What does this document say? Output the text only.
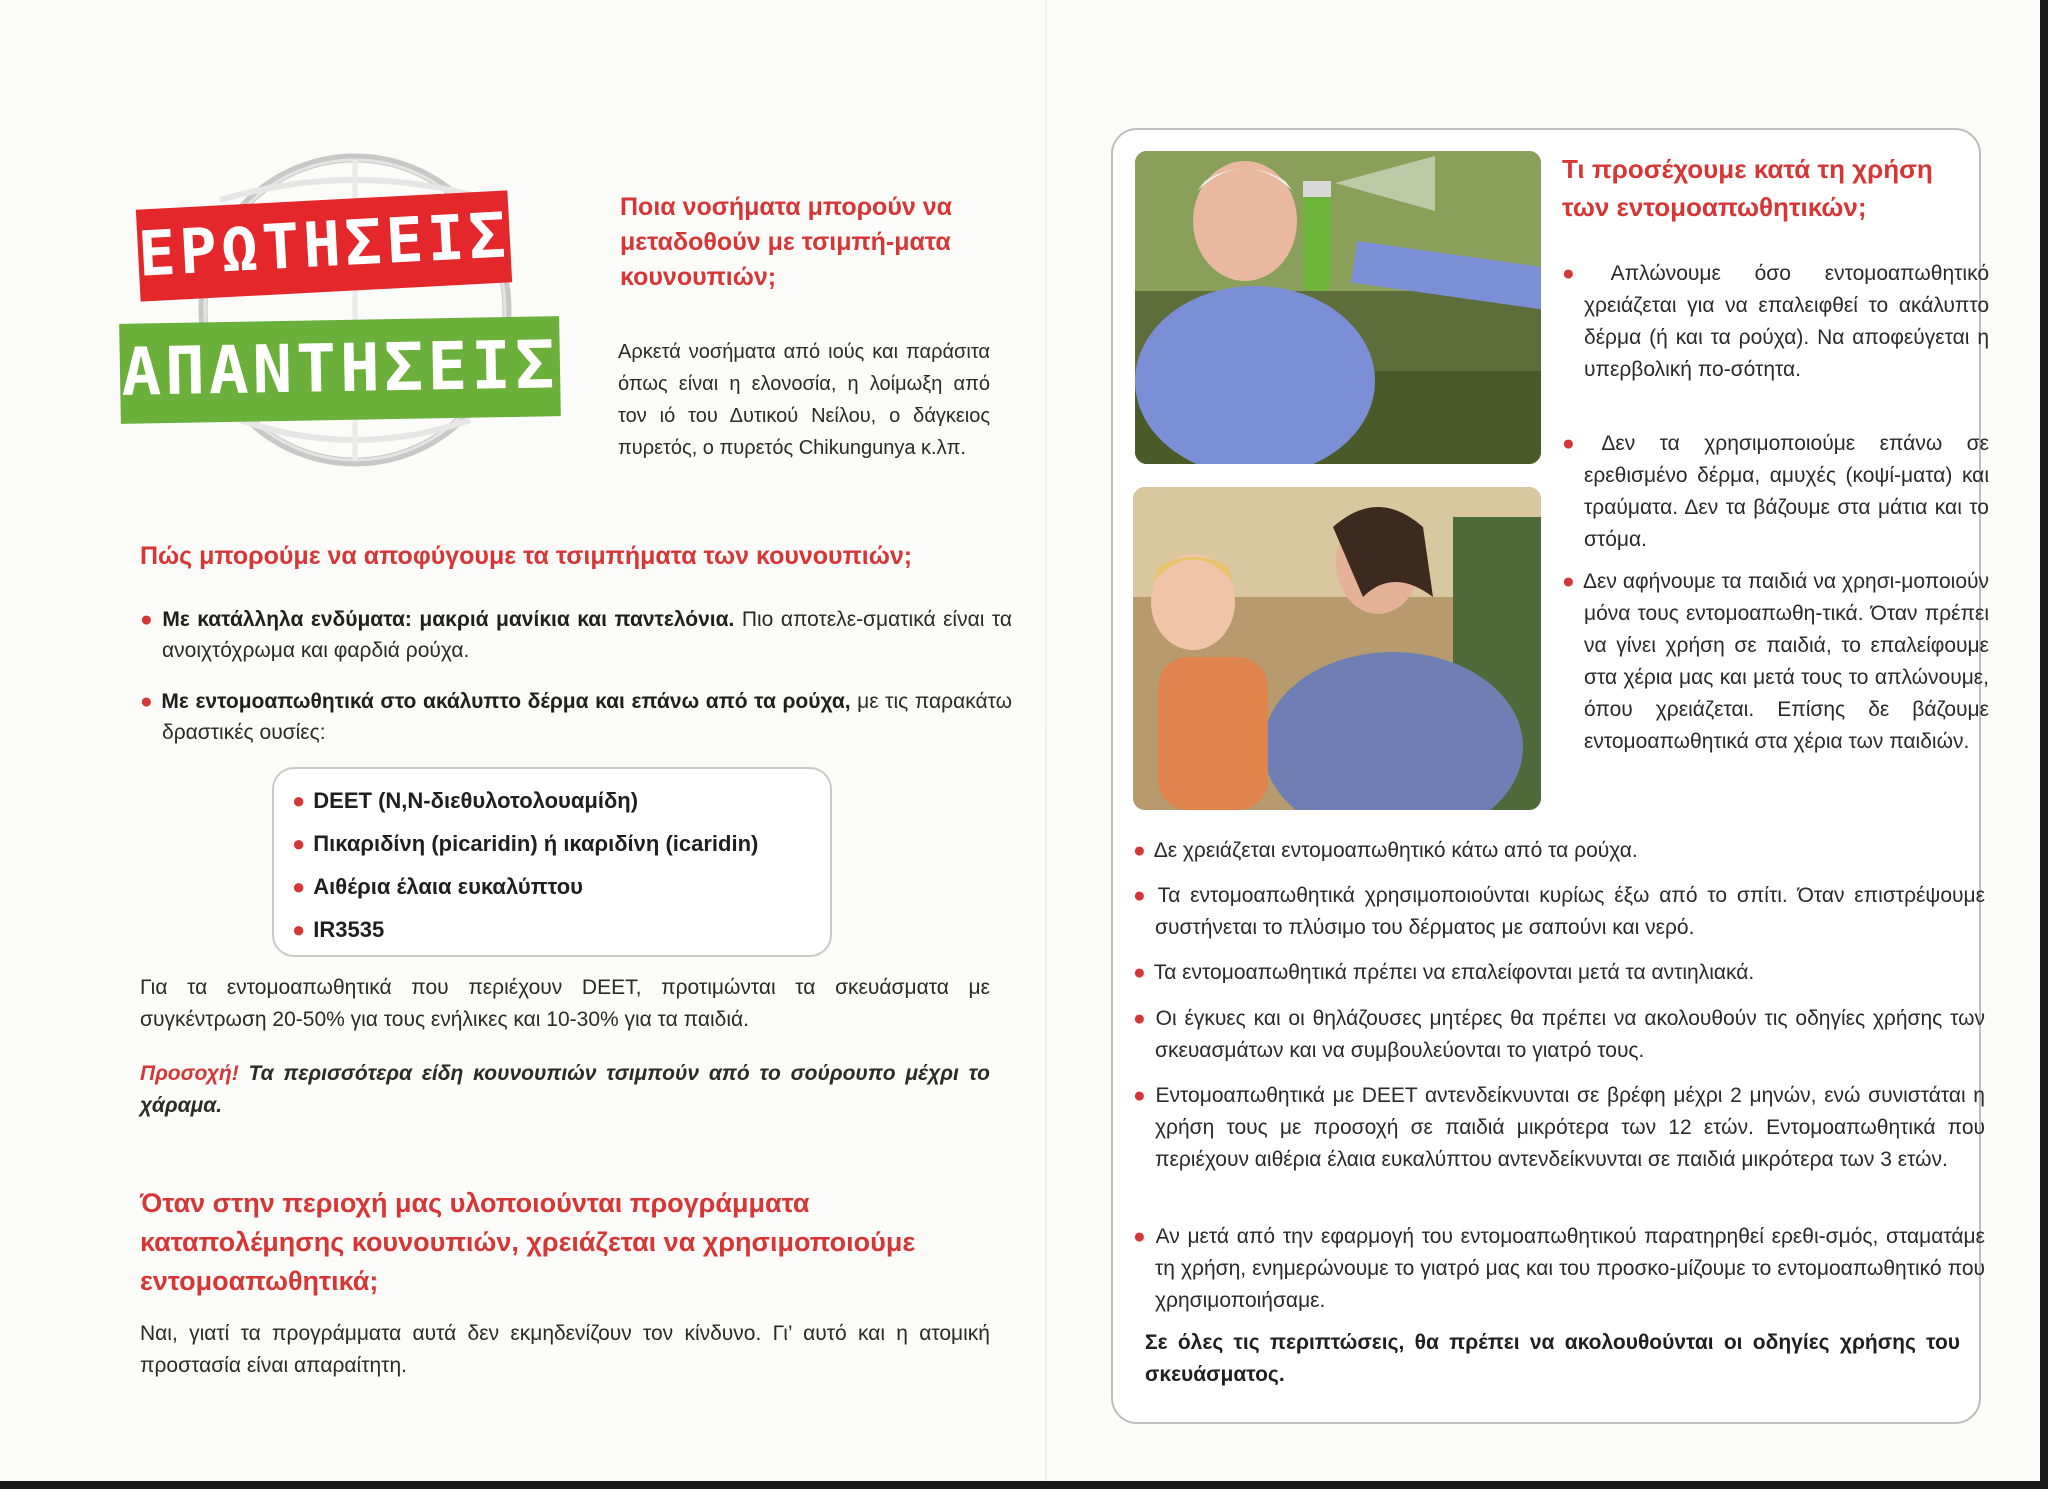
ΕΡΩΤΗΣΕΙΣ
ΑΠΑΝΤΗΣΕΙΣ
Ποια νοσήματα μπορούν να μεταδοθούν με τσιμπή-ματα κουνουπιών;

Αρκετά νοσήματα από ιούς και παράσιτα όπως είναι η ελονοσία, η λοίμωξη από τον ιό του Δυτικού Νείλου, ο δάγκειος πυρετός, ο πυρετός Chikungunya κ.λπ.

Πώς μπορούμε να αποφύγουμε τα τσιμπήματα των κουνουπιών;

● Με κατάλληλα ενδύματα: μακριά μανίκια και παντελόνια. Πιο αποτελε-σματικά είναι τα ανοιχτόχρωμα και φαρδιά ρούχα.

● Με εντομοαπωθητικά στο ακάλυπτο δέρμα και επάνω από τα ρούχα, με τις παρακάτω δραστικές ουσίες:

● DEET (N,N-διεθυλοτολουαμίδη)
● Πικαριδίνη (picaridin) ή ικαριδίνη (icaridin)
● Αιθέρια έλαια ευκαλύπτου
● IR3535

Για τα εντομοαπωθητικά που περιέχουν DEET, προτιμώνται τα σκευάσματα με συγκέντρωση 20-50% για τους ενήλικες και 10-30% για τα παιδιά.

Προσοχή! Τα περισσότερα είδη κουνουπιών τσιμπούν από το σούρουπο μέχρι το χάραμα.

Όταν στην περιοχή μας υλοποιούνται προγράμματα καταπολέμησης κουνουπιών, χρειάζεται να χρησιμοποιούμε εντομοαπωθητικά;

Ναι, γιατί τα προγράμματα αυτά δεν εκμηδενίζουν τον κίνδυνο. Γι’ αυτό και η ατομική προστασία είναι απαραίτητη.

Τι προσέχουμε κατά τη χρήση των εντομοαπωθητικών;

● Απλώνουμε όσο εντομοαπωθητικό χρειάζεται για να επαλειφθεί το ακάλυπτο δέρμα (ή και τα ρούχα). Να αποφεύγεται η υπερβολική πο-σότητα.

● Δεν τα χρησιμοποιούμε επάνω σε ερεθισμένο δέρμα, αμυχές (κοψί-ματα) και τραύματα. Δεν τα βάζουμε στα μάτια και το στόμα.

● Δεν αφήνουμε τα παιδιά να χρησι-μοποιούν μόνα τους εντομοαπωθη-τικά. Όταν πρέπει να γίνει χρήση σε παιδιά, το επαλείφουμε στα χέρια μας και μετά τους το απλώνουμε, όπου χρειάζεται. Επίσης δε βάζουμε εντομοαπωθητικά στα χέρια των παιδιών.

● Δε χρειάζεται εντομοαπωθητικό κάτω από τα ρούχα.

● Τα εντομοαπωθητικά χρησιμοποιούνται κυρίως έξω από το σπίτι. Όταν επιστρέψουμε συστήνεται το πλύσιμο του δέρματος με σαπούνι και νερό.

● Τα εντομοαπωθητικά πρέπει να επαλείφονται μετά τα αντιηλιακά.

● Οι έγκυες και οι θηλάζουσες μητέρες θα πρέπει να ακολουθούν τις οδηγίες χρήσης των σκευασμάτων και να συμβουλεύονται το γιατρό τους.

● Εντομοαπωθητικά με DEET αντενδείκνυνται σε βρέφη μέχρι 2 μηνών, ενώ συνιστάται η χρήση τους με προσοχή σε παιδιά μικρότερα των 12 ετών. Εντομοαπωθητικά που περιέχουν αιθέρια έλαια ευκαλύπτου αντενδείκνυνται σε παιδιά μικρότερα των 3 ετών.

● Αν μετά από την εφαρμογή του εντομοαπωθητικού παρατηρηθεί ερεθι-σμός, σταματάμε τη χρήση, ενημερώνουμε το γιατρό μας και του προσκο-μίζουμε το εντομοαπωθητικό που χρησιμοποιήσαμε.

Σε όλες τις περιπτώσεις, θα πρέπει να ακολουθούνται οι οδηγίες χρήσης του σκευάσματος.
